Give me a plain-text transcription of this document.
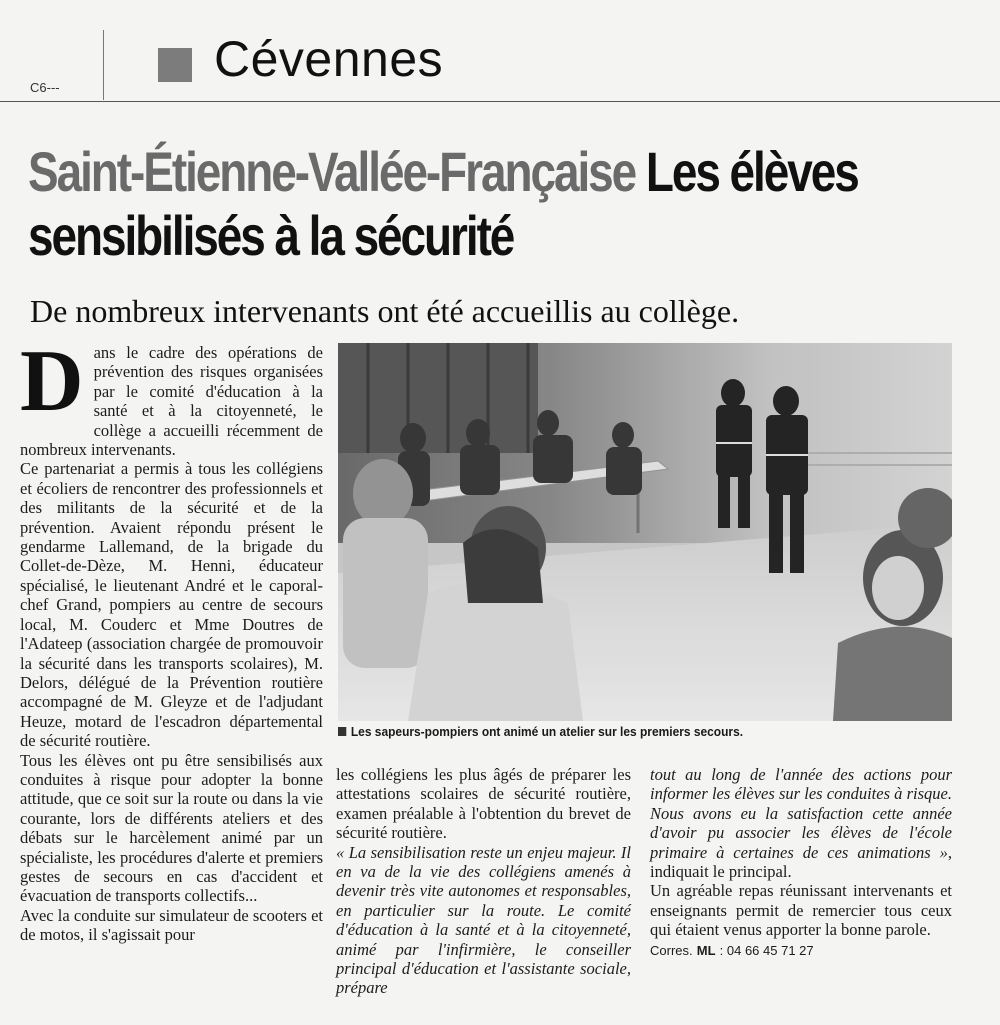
C6---
Cévennes
Saint-Étienne-Vallée-Française Les élèves sensibilisés à la sécurité
De nombreux intervenants ont été accueillis au collège.

Dans le cadre des opérations de prévention des risques organisées par le comité d'éducation à la santé et à la citoyenneté, le collège a accueilli récemment de nombreux intervenants.

Ce partenariat a permis à tous les collégiens et écoliers de rencontrer des professionnels et des militants de la sécurité et de la prévention. Avaient répondu présent le gendarme Lallemand, de la brigade du Collet-de-Dèze, M. Henni, éducateur spécialisé, le lieutenant André et le caporal-chef Grand, pompiers au centre de secours local, M. Couderc et Mme Doutres de l'Adateep (association chargée de promouvoir la sécurité dans les transports scolaires), M. Delors, délégué de la Prévention routière accompagné de M. Gleyze et de l'adjudant Heuze, motard de l'escadron départemental de sécurité routière.

Tous les élèves ont pu être sensibilisés aux conduites à risque pour adopter la bonne attitude, que ce soit sur la route ou dans la vie courante, lors de différents ateliers et des débats sur le harcèlement animé par un spécialiste, les procédures d'alerte et premiers gestes de secours en cas d'accident et évacuation de transports collectifs...

Avec la conduite sur simulateur de scooters et de motos, il s'agissait pour

Les sapeurs-pompiers ont animé un atelier sur les premiers secours.

les collégiens les plus âgés de préparer les attestations scolaires de sécurité routière, examen préalable à l'obtention du brevet de sécurité routière.

« La sensibilisation reste un enjeu majeur. Il en va de la vie des collégiens amenés à devenir très vite autonomes et responsables, en particulier sur la route. Le comité d'éducation à la santé et à la citoyenneté, animé par l'infirmière, le conseiller principal d'éducation et l'assistante sociale, prépare

tout au long de l'année des actions pour informer les élèves sur les conduites à risque. Nous avons eu la satisfaction cette année d'avoir pu associer les élèves de l'école primaire à certaines de ces animations », indiquait le principal.

Un agréable repas réunissant intervenants et enseignants permit de remercier tous ceux qui étaient venus apporter la bonne parole.

Corres. ML : 04 66 45 71 27
